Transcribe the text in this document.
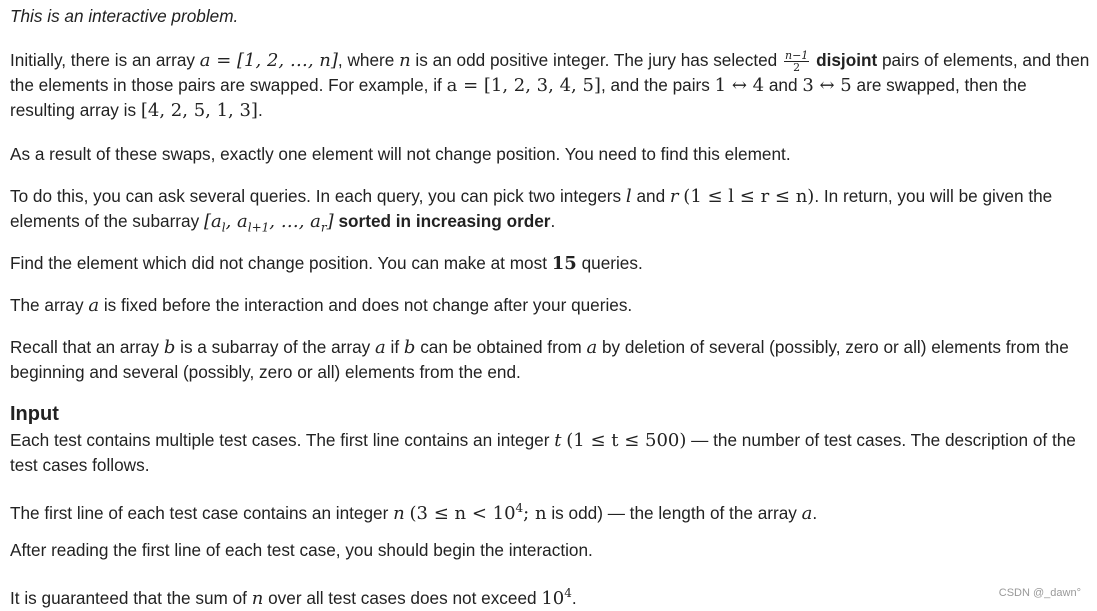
This is an interactive problem.

Initially, there is an array a = [1, 2, …, n], where n is an odd positive integer. The jury has selected $\frac{n-1}{2}$ disjoint pairs of elements, and then the elements in those pairs are swapped. For example, if a = [1, 2, 3, 4, 5], and the pairs 1 ↔ 4 and 3 ↔ 5 are swapped, then the resulting array is [4, 2, 5, 1, 3].

As a result of these swaps, exactly one element will not change position. You need to find this element.

To do this, you can ask several queries. In each query, you can pick two integers l and r (1 ≤ l ≤ r ≤ n). In return, you will be given the elements of the subarray [$a_l$, $a_{l+1}$, …, $a_r$] sorted in increasing order.

Find the element which did not change position. You can make at most 15 queries.

The array a is fixed before the interaction and does not change after your queries.

Recall that an array b is a subarray of the array a if b can be obtained from a by deletion of several (possibly, zero or all) elements from the beginning and several (possibly, zero or all) elements from the end.

Input

Each test contains multiple test cases. The first line contains an integer t (1 ≤ t ≤ 500) — the number of test cases. The description of the test cases follows.

The first line of each test case contains an integer n ($3 \le n < 10^4$; n is odd) — the length of the array a.

After reading the first line of each test case, you should begin the interaction.

It is guaranteed that the sum of n over all test cases does not exceed $10^4$.	CSDN @_dawn°
